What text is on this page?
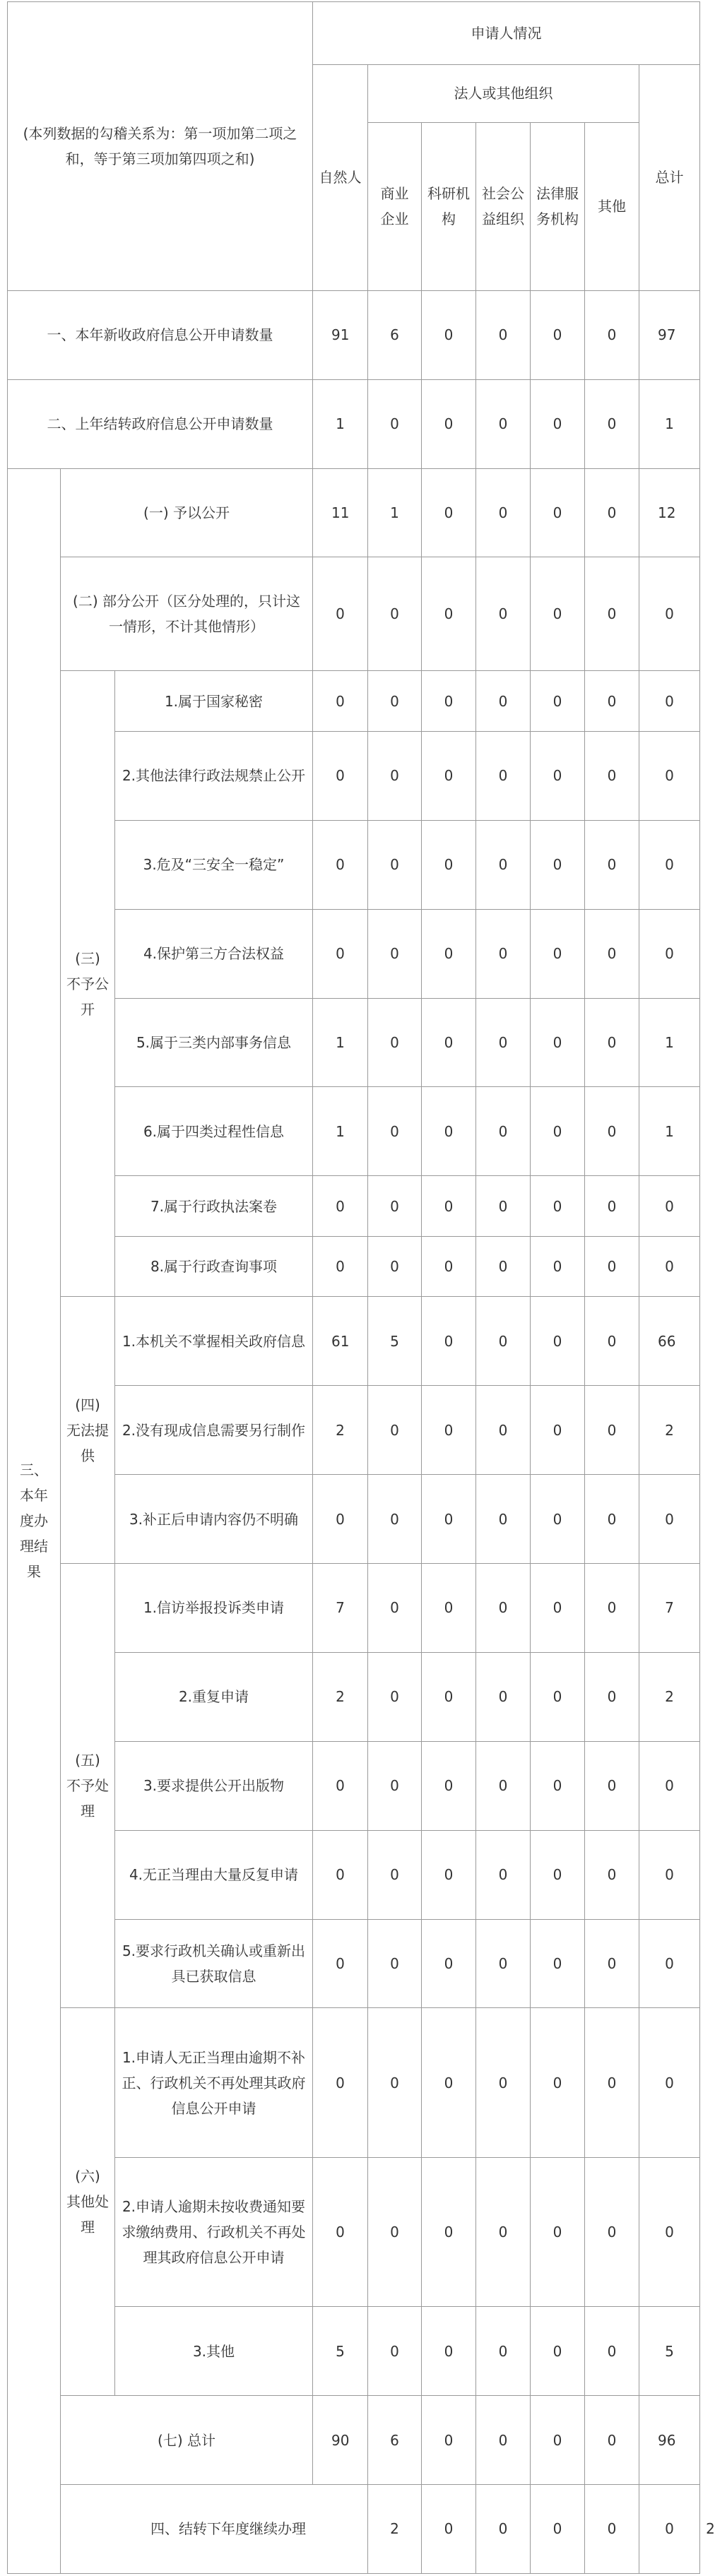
(本列数据的勾稽关系为：第一项加第二项之和，等于第三项加第四项之和)			申请人情况							
			自然人	法人或其他组织					总计	
				商业企业	科研机构	社会公益组织	法律服务机构	其他		
一、本年新收政府信息公开申请数量			91	6	0	0	0	0	97	
二、上年结转政府信息公开申请数量			1	0	0	0	0	0	1	
三、本年度办理结果	(一) 予以公开		11	1	0	0	0	0	12	
	(二) 部分公开（区分处理的，只计这一情形，不计其他情形）		0	0	0	0	0	0	0	
	(三) 不予公开	1.属于国家秘密	0	0	0	0	0	0	0	
		2.其他法律行政法规禁止公开	0	0	0	0	0	0	0	
		3.危及“三安全一稳定”	0	0	0	0	0	0	0	
		4.保护第三方合法权益	0	0	0	0	0	0	0	
		5.属于三类内部事务信息	1	0	0	0	0	0	1	
		6.属于四类过程性信息	1	0	0	0	0	0	1	
		7.属于行政执法案卷	0	0	0	0	0	0	0	
		8.属于行政查询事项	0	0	0	0	0	0	0	
	(四) 无法提供	1.本机关不掌握相关政府信息	61	5	0	0	0	0	66	
		2.没有现成信息需要另行制作	2	0	0	0	0	0	2	
		3.补正后申请内容仍不明确	0	0	0	0	0	0	0	
	(五) 不予处理	1.信访举报投诉类申请	7	0	0	0	0	0	7	
		2.重复申请	2	0	0	0	0	0	2	
		3.要求提供公开出版物	0	0	0	0	0	0	0	
		4.无正当理由大量反复申请	0	0	0	0	0	0	0	
		5.要求行政机关确认或重新出具已获取信息	0	0	0	0	0	0	0	
	(六) 其他处理	1.申请人无正当理由逾期不补正、行政机关不再处理其政府信息公开申请	0	0	0	0	0	0	0	
		2.申请人逾期未按收费通知要求缴纳费用、行政机关不再处理其政府信息公开申请	0	0	0	0	0	0	0	
		3.其他	5	0	0	0	0	0	5	
	(七) 总计		90	6	0	0	0	0	96	
	四、结转下年度继续办理			2	0	0	0	0	0	2
